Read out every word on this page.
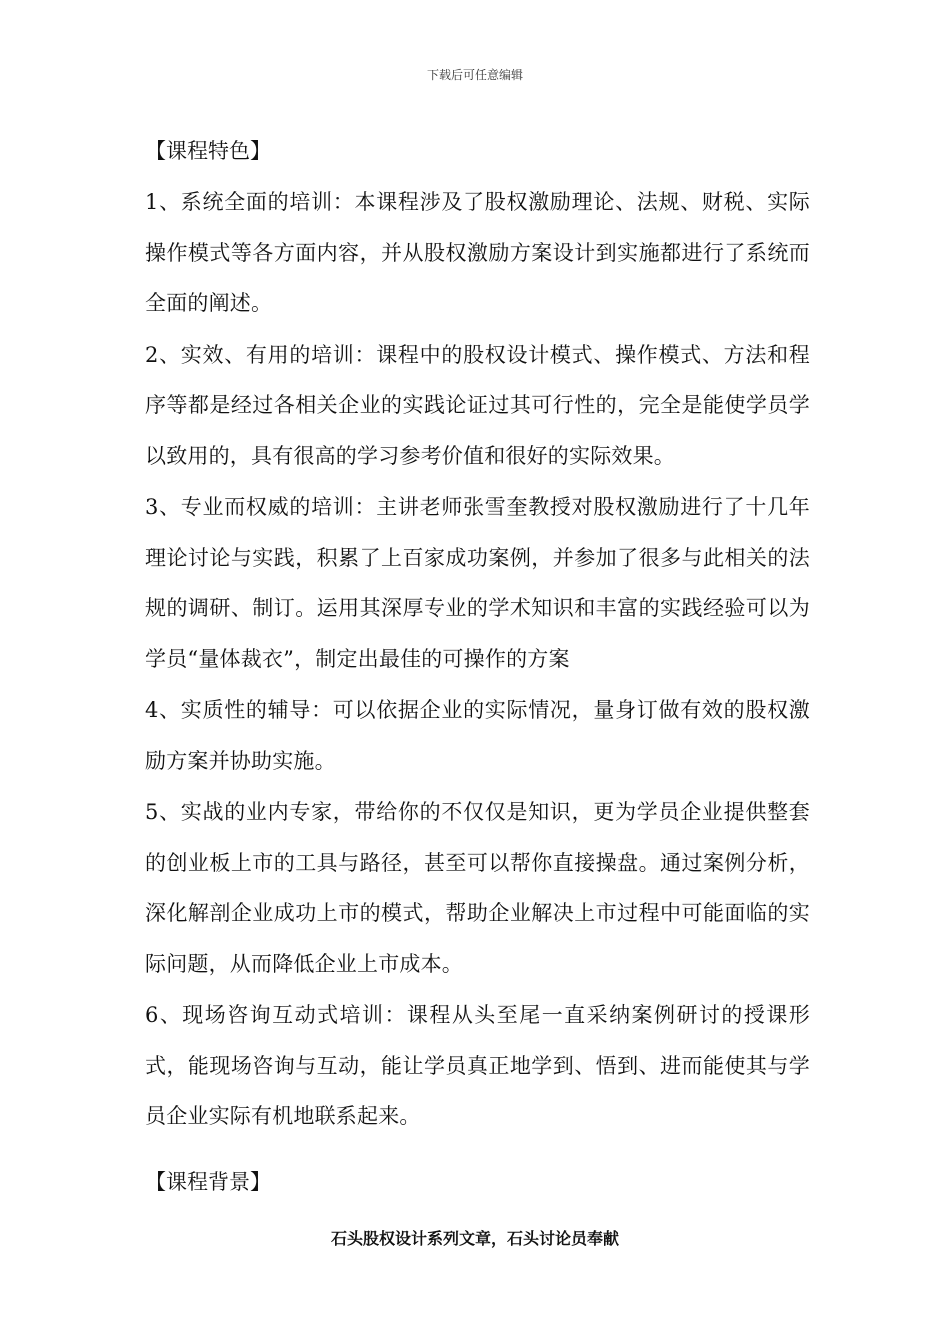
下载后可任意编辑
【课程特色】

1、系统全面的培训：本课程涉及了股权激励理论、法规、财税、实际操作模式等各方面内容，并从股权激励方案设计到实施都进行了系统而全面的阐述。

2、实效、有用的培训：课程中的股权设计模式、操作模式、方法和程序等都是经过各相关企业的实践论证过其可行性的，完全是能使学员学以致用的，具有很高的学习参考价值和很好的实际效果。

3、专业而权威的培训：主讲老师张雪奎教授对股权激励进行了十几年理论讨论与实践，积累了上百家成功案例，并参加了很多与此相关的法规的调研、制订。运用其深厚专业的学术知识和丰富的实践经验可以为学员“量体裁衣”，制定出最佳的可操作的方案

4、实质性的辅导：可以依据企业的实际情况，量身订做有效的股权激励方案并协助实施。

5、实战的业内专家，带给你的不仅仅是知识，更为学员企业提供整套的创业板上市的工具与路径，甚至可以帮你直接操盘。通过案例分析，深化解剖企业成功上市的模式，帮助企业解决上市过程中可能面临的实际问题，从而降低企业上市成本。

6、现场咨询互动式培训：课程从头至尾一直采纳案例研讨的授课形式，能现场咨询与互动，能让学员真正地学到、悟到、进而能使其与学员企业实际有机地联系起来。

【课程背景】
石头股权设计系列文章，石头讨论员奉献
